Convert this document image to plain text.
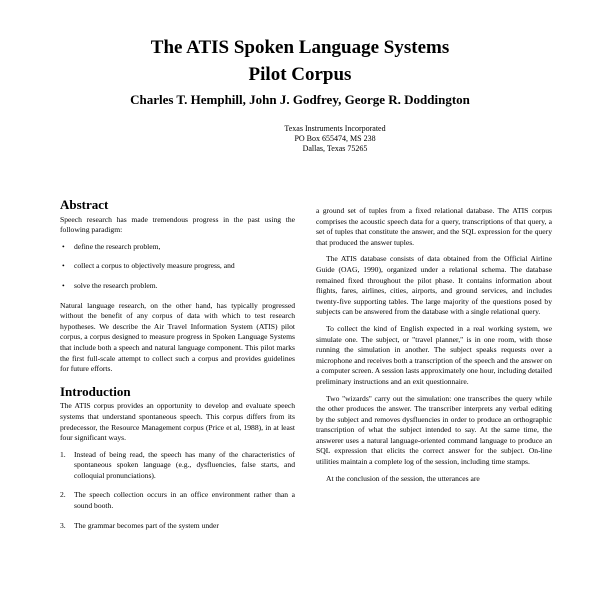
The ATIS Spoken Language Systems
Pilot Corpus
Charles T. Hemphill, John J. Godfrey, George R. Doddington
Texas Instruments Incorporated
PO Box 655474, MS 238
Dallas, Texas 75265
Abstract

Speech research has made tremendous progress in the past using the following paradigm:

• define the research problem,
• collect a corpus to objectively measure progress, and
• solve the research problem.

Natural language research, on the other hand, has typically progressed without the benefit of any corpus of data with which to test research hypotheses. We describe the Air Travel Information System (ATIS) pilot corpus, a corpus designed to measure progress in Spoken Language Systems that include both a speech and natural language component. This pilot marks the first full-scale attempt to collect such a corpus and provides guidelines for future efforts.

Introduction

The ATIS corpus provides an opportunity to develop and evaluate speech systems that understand spontaneous speech. This corpus differs from its predecessor, the Resource Management corpus (Price et al, 1988), in at least four significant ways.

1. Instead of being read, the speech has many of the characteristics of spontaneous spoken language (e.g., dysfluencies, false starts, and colloquial pronunciations).
2. The speech collection occurs in an office environment rather than a sound booth.
3. The grammar becomes part of the system under

a ground set of tuples from a fixed relational database. The ATIS corpus comprises the acoustic speech data for a query, transcriptions of that query, a set of tuples that constitute the answer, and the SQL expression for the query that produced the answer tuples.

The ATIS database consists of data obtained from the Official Airline Guide (OAG, 1990), organized under a relational schema. The database remained fixed throughout the pilot phase. It contains information about flights, fares, airlines, cities, airports, and ground services, and includes twenty-five supporting tables. The large majority of the questions posed by subjects can be answered from the database with a single relational query.

To collect the kind of English expected in a real working system, we simulate one. The subject, or "travel planner," is in one room, with those running the simulation in another. The subject speaks requests over a microphone and receives both a transcription of the speech and the answer on a computer screen. A session lasts approximately one hour, including detailed preliminary instructions and an exit questionnaire.

Two "wizards" carry out the simulation: one transcribes the query while the other produces the answer. The transcriber interprets any verbal editing by the subject and removes dysfluencies in order to produce an orthographic transcription of what the subject intended to say. At the same time, the answerer uses a natural language-oriented command language to produce an SQL expression that elicits the correct answer for the subject. On-line utilities maintain a complete log of the session, including time stamps.

At the conclusion of the session, the utterances are
